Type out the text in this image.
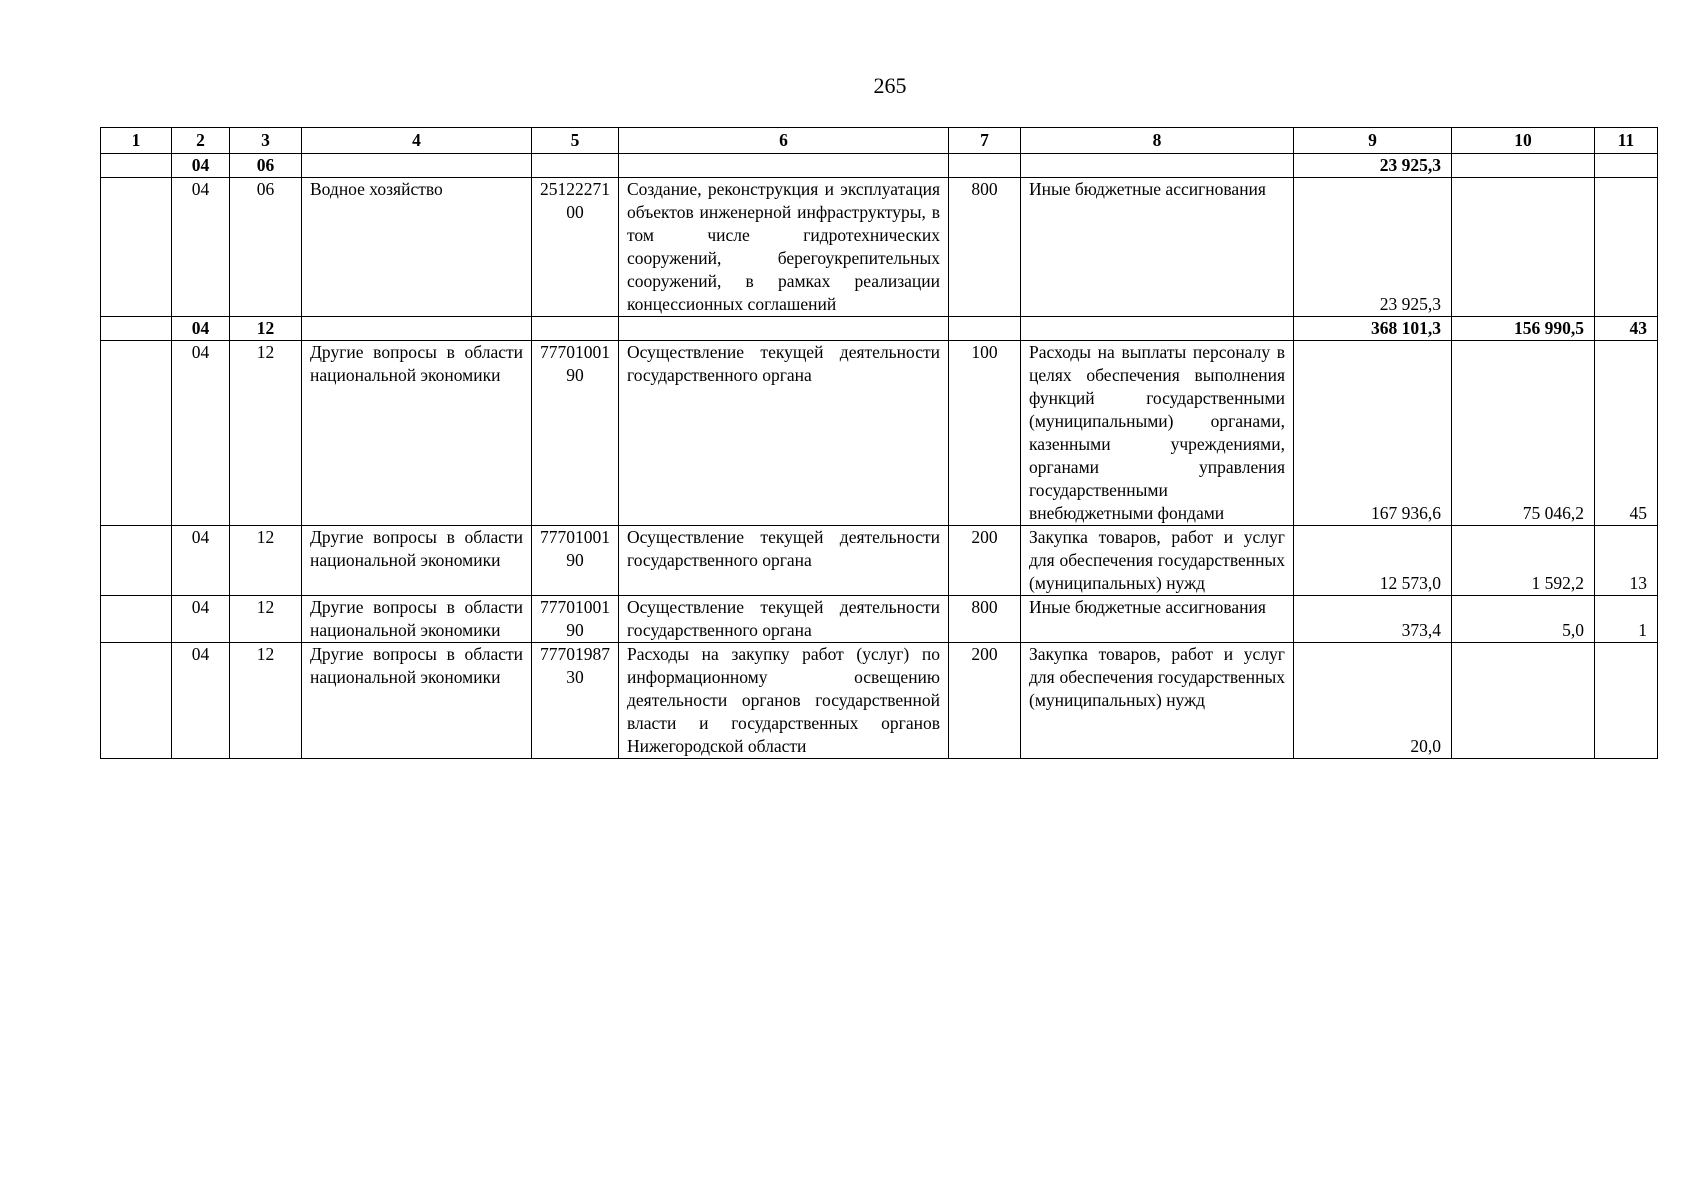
265
1	2	3	4	5	6	7	8	9	10	11
	04	06						23 925,3		
	04	06	Водное хозяйство	2512227100	Создание, реконструкция и эксплуатация объектов инженерной инфраструктуры, в том числе гидротехнических сооружений, берегоукрепительных сооружений, в рамках реализации концессионных соглашений	800	Иные бюджетные ассигнования	23 925,3		
	04	12						368 101,3	156 990,5	43
	04	12	Другие вопросы в области национальной экономики	7770100190	Осуществление текущей деятельности государственного органа	100	Расходы на выплаты персоналу в целях обеспечения выполнения функций государственными (муниципальными) органами, казенными учреждениями, органами управления государственными внебюджетными фондами	167 936,6	75 046,2	45
	04	12	Другие вопросы в области национальной экономики	7770100190	Осуществление текущей деятельности государственного органа	200	Закупка товаров, работ и услуг для обеспечения государственных (муниципальных) нужд	12 573,0	1 592,2	13
	04	12	Другие вопросы в области национальной экономики	7770100190	Осуществление текущей деятельности государственного органа	800	Иные бюджетные ассигнования	373,4	5,0	1
	04	12	Другие вопросы в области национальной экономики	7770198730	Расходы на закупку работ (услуг) по информационному освещению деятельности органов государственной власти и государственных органов Нижегородской области	200	Закупка товаров, работ и услуг для обеспечения государственных (муниципальных) нужд	20,0		
